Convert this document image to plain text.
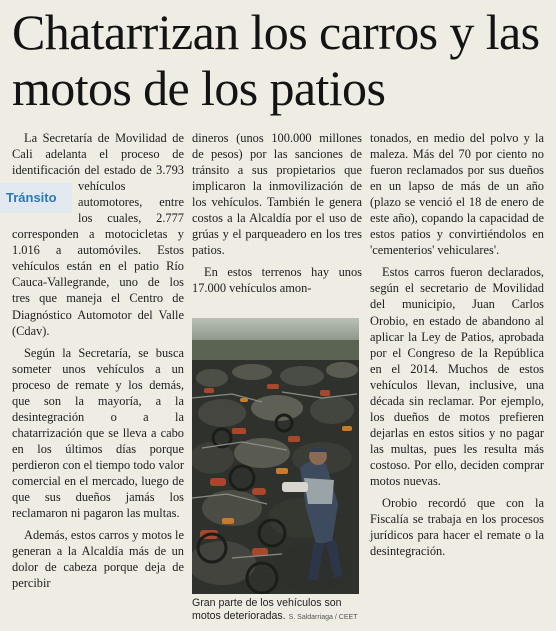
Chatarrizan los carros y las motos de los patios

La Secretaría de Movilidad de Cali adelanta el proceso de identificación del estado de 3.793 vehículos
Tránsito	automotores, entre los cuales, 2.777 corresponden a motocicletas y 1.016 a automóviles. Estos vehículos están en el patio Río Cauca-Vallegrande, uno de los tres que maneja el Centro de Diagnóstico Automotor del Valle (Cdav).

Según la Secretaría, se busca someter unos vehículos a un proceso de remate y los demás, que son la mayoría, a la desintegración o a la chatarrización que se lleva a cabo en los últimos días porque perdieron con el tiempo todo valor comercial en el mercado, luego de que sus dueños jamás los reclamaron ni pagaron las multas.

Además, estos carros y motos le generan a la Alcaldía más de un dolor de cabeza porque deja de percibir

dineros (unos 100.000 millones de pesos) por las sanciones de tránsito a sus propietarios que implicaron la inmovilización de los vehículos. También le genera costos a la Alcaldía por el uso de grúas y el parqueadero en los tres patios.

En estos terrenos hay unos 17.000 vehículos amon-

Gran parte de los vehículos son motos deterioradas. S. Saldarriaga / CEET

tonados, en medio del polvo y la maleza. Más del 70 por ciento no fueron reclamados por sus dueños en un lapso de más de un año (plazo se venció el 18 de enero de este año), copando la capacidad de estos patios y convirtiéndolos en 'cementerios' vehiculares'.

Estos carros fueron declarados, según el secretario de Movilidad del municipio, Juan Carlos Orobio, en estado de abandono al aplicar la Ley de Patios, aprobada por el Congreso de la República en el 2014. Muchos de estos vehículos llevan, inclusive, una década sin reclamar. Por ejemplo, los dueños de motos prefieren dejarlas en estos sitios y no pagar las multas, pues les resulta más costoso. Por ello, deciden comprar motos nuevas.

Orobio recordó que con la Fiscalía se trabaja en los procesos jurídicos para hacer el remate o la desintegración.
